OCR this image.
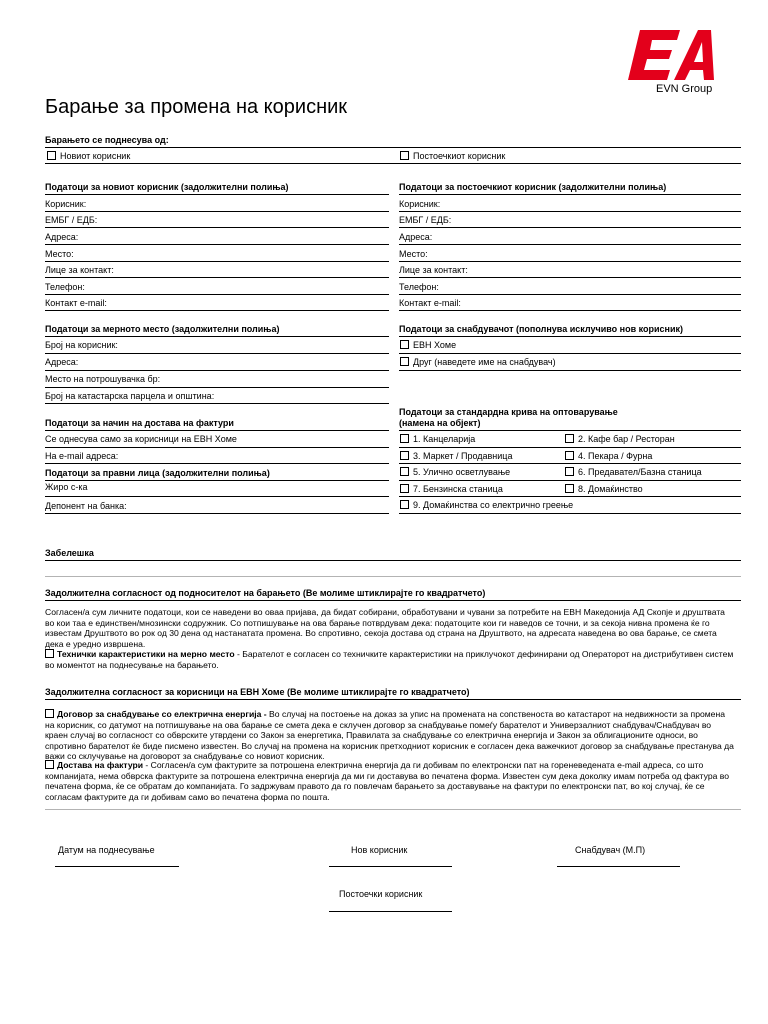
EVN Group
Барање за промена на корисник
Барањето се поднесува од:
Новиот корисник	Постоечкиот корисник
Податоци за новиот корисник (задолжителни полиња)
Корисник:
ЕМБГ / ЕДБ:
Адреса:
Место:
Лице за контакт:
Телефон:
Контакт e-mail:
Податоци за постоечкиот корисник (задолжителни полиња)
Корисник:
ЕМБГ / ЕДБ:
Адреса:
Место:
Лице за контакт:
Телефон:
Контакт e-mail:
Податоци за мерното место (задолжителни полиња)
Број на корисник:
Адреса:
Место на потрошувачка бр:
Број на катастарска парцела и општина:
Податоци за снабдувачот (пополнува исклучиво нов корисник)
ЕВН Хоме
Друг (наведете име на снабдувач)
Податоци за начин на достава на фактури
Се однесува само за корисници на ЕВН Хоме
На e-mail адреса:
Податоци за правни лица (задолжителни полиња)
Жиро с-ка
Депонент на банка:
Податоци за стандардна крива на оптоварување
(намена на објект)
1. Канцеларија	2. Кафе бар / Ресторан
3. Маркет / Продавница	4. Пекара / Фурна
5. Улично осветлување	6. Предавател/Базна станица
7. Бензинска станица	8. Домаќинство
9. Домаќинства со електрично греење
Забелешка
Задолжителна согласност од подносителот на барањето (Ве молиме штиклирајте го квадратчето)
Согласен/а сум личните податоци, кои се наведени во оваа пријава, да бидат собирани, обработувани и чувани за потребите на ЕВН Македонија АД Скопје и друштвата во кои таа е единствен/мнозински содружник. Со потпишување на ова барање потврдувам дека: податоците кои ги наведов се точни, и за секоја нивна промена ќе го известам Друштвото во рок од 30 дена од настанатата промена. Во спротивно, секоја достава од страна на Друштвото, на адресата наведена во ова барање, се смета дека е уредно извршена.
Технички карактеристики на мерно место - Барателот е согласен со техничките карактеристики на приклучокот дефинирани од Операторот на дистрибутивен систем во моментот на поднесување на барањето.
Задолжителна согласност за корисници на ЕВН Хоме (Ве молиме штиклирајте го квадратчето)
Договор за снабдување со електрична енергија - Во случај на постоење на доказ за упис на промената на сопственоста во катастарот на недвижности за промена на корисник, со датумот на потпишување на ова барање се смета дека е склучен договор за снабдување помеѓу барателот и Универзалниот снабдувач/Снабдувач во краен случај во согласност со обврските утврдени со Закон за енергетика, Правилата за снабдување со електрична енергија и Закон за облигационите односи, во спротивно барателот ќе биде писмено известен. Во случај на промена на корисник претходниот корисник е согласен дека важечкиот договор за снабдување престанува да важи со склучување на договорот за снабдување со новиот корисник.
Достава на фактури - Согласен/а сум фактурите за потрошена електрична енергија да ги добивам по електронски пат на гореневедената e-mail адреса, со што компанијата, нема обврска фактурите за потрошена електрична енергија да ми ги доставува во печатена форма. Известен сум дека доколку имам потреба од фактура во печатена форма, ќе се обратам до компанијата. Го задржувам правото да го повлечам барањето за доставување на фактури по електронски пат, во кој случај, ќе се согласам фактурите да ги добивам само во печатена форма по пошта.
Датум на поднесување	Нов корисник	Снабдувач (М.П)
Постоечки корисник
